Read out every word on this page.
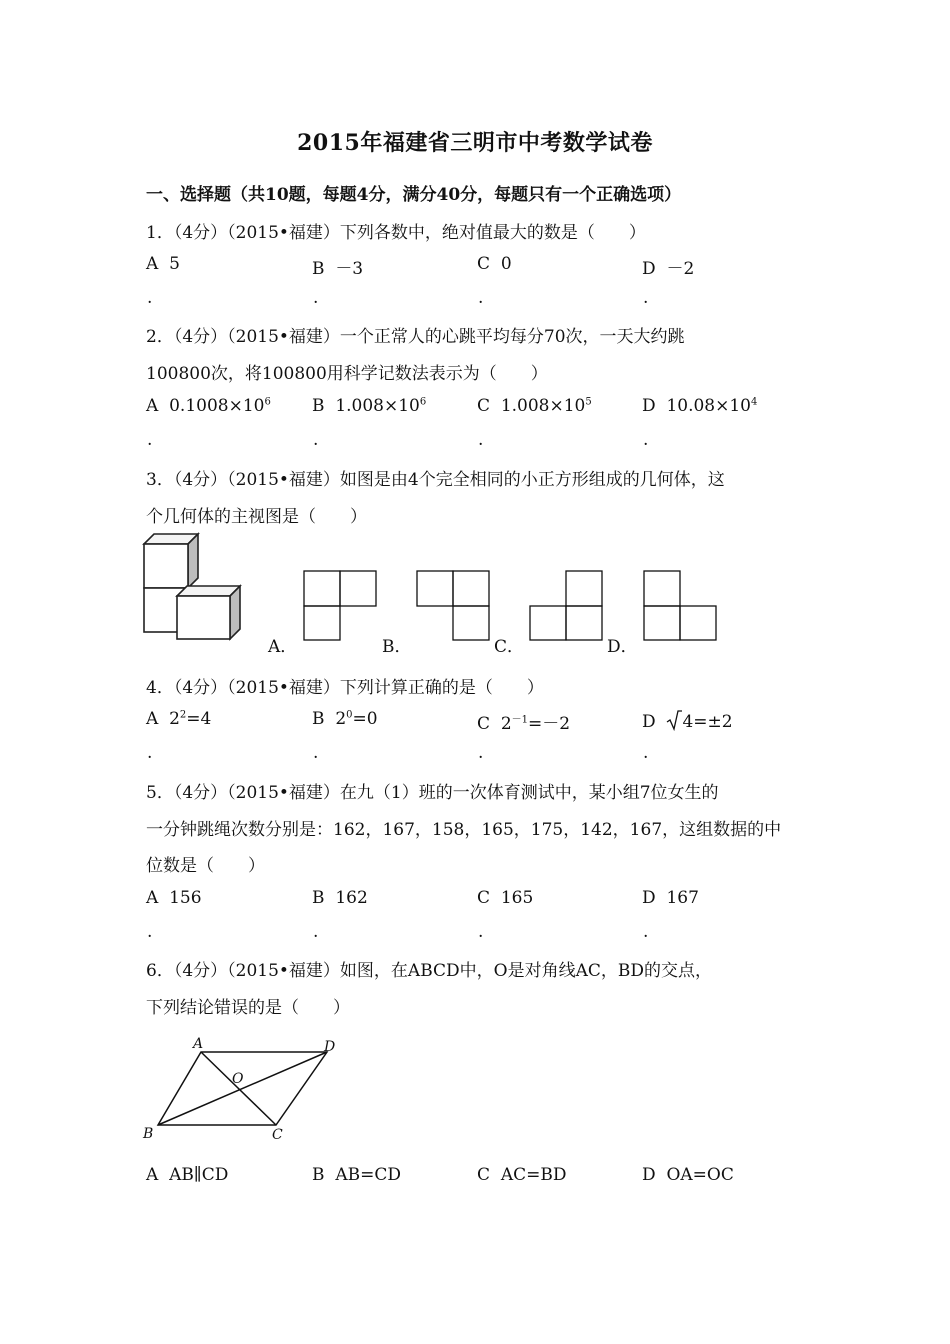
2015年福建省三明市中考数学试卷
一、选择题（共10题，每题4分，满分40分，每题只有一个正确选项）
1．（4分）（2015•福建）下列各数中，绝对值最大的数是（　　）
A 5	B －3	C 0	D －2
.	.	.	.
2．（4分）（2015•福建）一个正常人的心跳平均每分70次，一天大约跳
100800次，将100800用科学记数法表示为（　　）
A $0.1008\times 10^6$ B $1.008\times 10^6$	C $1.008\times 10^5$	D $10.08\times 10^4$
.	.	.	.
3．（4分）（2015•福建）如图是由4个完全相同的小正方形组成的几何体，这
个几何体的主视图是（　　）
A．	B．	C．	D．
4．（4分）（2015•福建）下列计算正确的是（　　）
A $2^2=4$	B $2^0=0$	C $2^{-1}=-2$	D 4=±2
.	.	.	.
5．（4分）（2015•福建）在九（1）班的一次体育测试中，某小组7位女生的
一分钟跳绳次数分别是：162，167，158，165，175，142，167，这组数据的中
位数是（　　）
A 156	B 162	C 165	D 167
.	.	.	.
6．（4分）（2015•福建）如图，在ABCD中，O是对角线AC，BD的交点，
下列结论错误的是（　　）
A
B	C
D
O
A AB∥CD	B AB=CD	C AC=BD	D OA=OC
